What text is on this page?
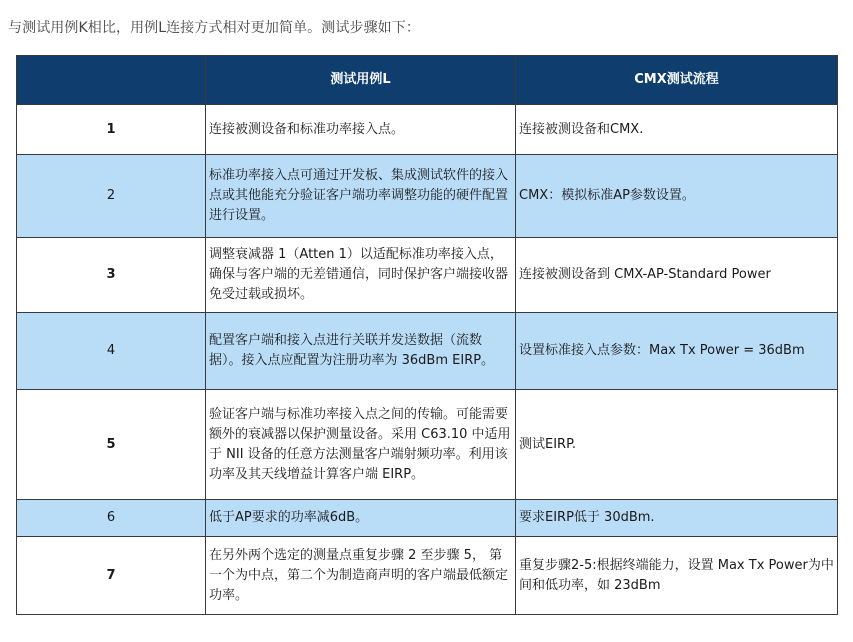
与测试用例K相比，用例L连接方式相对更加简单。测试步骤如下：
	测试用例L	CMX测试流程
1	连接被测设备和标准功率接入点。	连接被测设备和CMX.
2	标准功率接入点可通过开发板、集成测试软件的接入点或其他能充分验证客户端功率调整功能的硬件配置进行设置。	CMX：模拟标准AP参数设置。
3	调整衰减器 1（Atten 1）以适配标准功率接入点，确保与客户端的无差错通信，同时保护客户端接收器免受过载或损坏。	连接被测设备到 CMX-AP-Standard Power
4	配置客户端和接入点进行关联并发送数据（流数据）。接入点应配置为注册功率为 36dBm EIRP。	设置标准接入点参数：Max Tx Power = 36dBm
5	验证客户端与标准功率接入点之间的传输。可能需要额外的衰减器以保护测量设备。采用 C63.10 中适用于 NII 设备的任意方法测量客户端射频功率。利用该功率及其天线增益计算客户端 EIRP。	测试EIRP.
6	低于AP要求的功率减6dB。	要求EIRP低于 30dBm.
7	在另外两个选定的测量点重复步骤 2 至步骤 5， 第一个为中点，第二个为制造商声明的客户端最低额定功率。	重复步骤2-5:根据终端能力，设置 Max Tx Power为中间和低功率，如 23dBm
